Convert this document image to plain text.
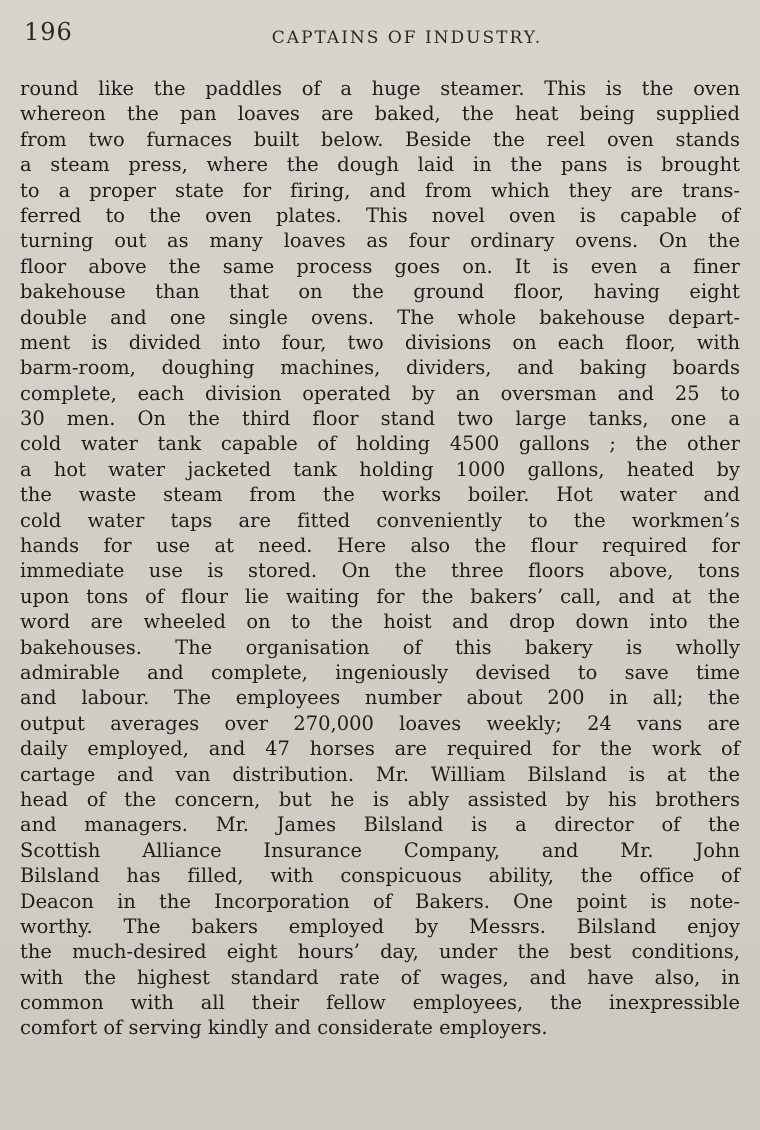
196	CAPTAINS OF INDUSTRY.
round like the paddles of a huge steamer. This is the oven
whereon the pan loaves are baked, the heat being supplied
from two furnaces built below. Beside the reel oven stands
a steam press, where the dough laid in the pans is brought
to a proper state for firing, and from which they are trans-
ferred to the oven plates. This novel oven is capable of
turning out as many loaves as four ordinary ovens. On the
floor above the same process goes on. It is even a finer
bakehouse than that on the ground floor, having eight
double and one single ovens. The whole bakehouse depart-
ment is divided into four, two divisions on each floor, with
barm-room, doughing machines, dividers, and baking boards
complete, each division operated by an oversman and 25 to
30 men. On the third floor stand two large tanks, one a
cold water tank capable of holding 4500 gallons ; the other
a hot water jacketed tank holding 1000 gallons, heated by
the waste steam from the works boiler. Hot water and
cold water taps are fitted conveniently to the workmen’s
hands for use at need. Here also the flour required for
immediate use is stored. On the three floors above, tons
upon tons of flour lie waiting for the bakers’ call, and at the
word are wheeled on to the hoist and drop down into the
bakehouses. The organisation of this bakery is wholly
admirable and complete, ingeniously devised to save time
and labour. The employees number about 200 in all; the
output averages over 270,000 loaves weekly; 24 vans are
daily employed, and 47 horses are required for the work of
cartage and van distribution. Mr. William Bilsland is at the
head of the concern, but he is ably assisted by his brothers
and managers. Mr. James Bilsland is a director of the
Scottish Alliance Insurance Company, and Mr. John
Bilsland has filled, with conspicuous ability, the office of
Deacon in the Incorporation of Bakers. One point is note-
worthy. The bakers employed by Messrs. Bilsland enjoy
the much-desired eight hours’ day, under the best conditions,
with the highest standard rate of wages, and have also, in
common with all their fellow employees, the inexpressible
comfort of serving kindly and considerate employers.
